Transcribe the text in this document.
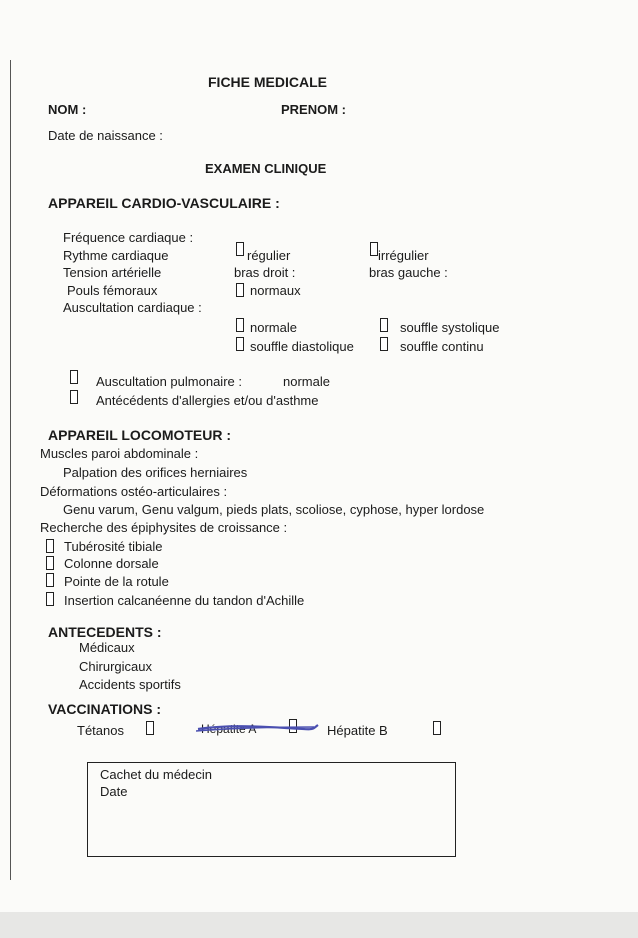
FICHE MEDICALE
NOM :	PRENOM :
Date de naissance :
EXAMEN CLINIQUE
APPAREIL CARDIO-VASCULAIRE :
Fréquence cardiaque :
Rythme cardiaque	régulier	irrégulier
Tension artérielle	bras droit :	bras gauche :
Pouls fémoraux	normaux
Auscultation cardiaque :
normale	souffle systolique
souffle diastolique	souffle continu
Auscultation pulmonaire :	normale
Antécédents d'allergies et/ou d'asthme
APPAREIL LOCOMOTEUR :
Muscles paroi abdominale :
Palpation des orifices herniaires
Déformations ostéo-articulaires :
Genu varum, Genu valgum, pieds plats, scoliose, cyphose, hyper lordose
Recherche des épiphysites de croissance :
Tubérosité tibiale
Colonne dorsale
Pointe de la rotule
Insertion calcanéenne du tandon d'Achille
ANTECEDENTS :
Médicaux
Chirurgicaux
Accidents sportifs
VACCINATIONS :
Tétanos	Hépatite A	Hépatite B
Cachet du médecin
Date
